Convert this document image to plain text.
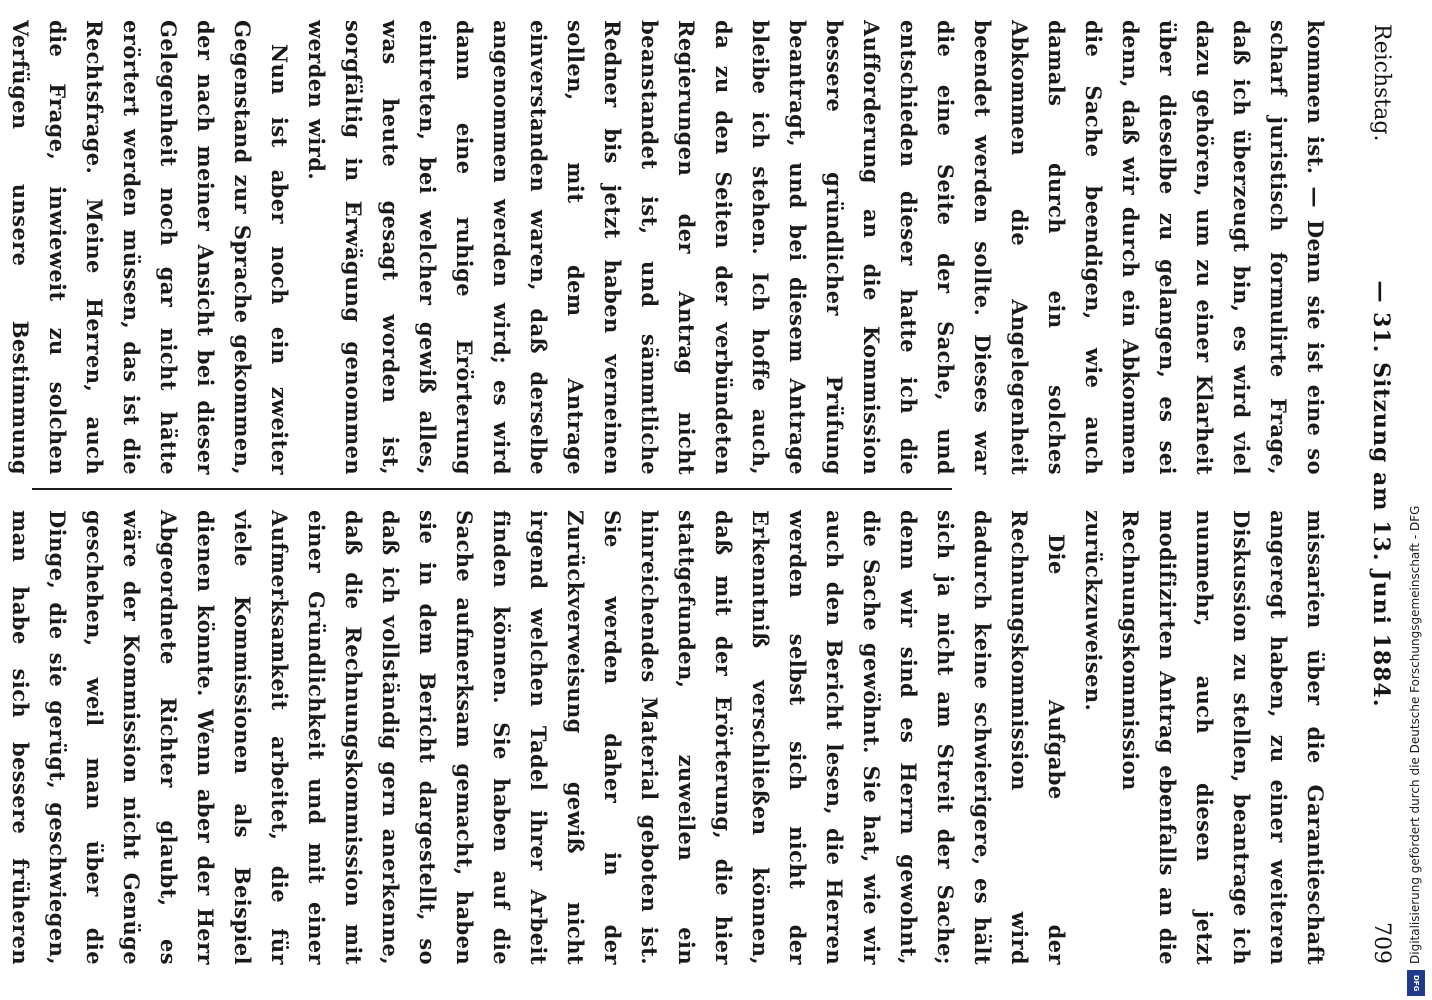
Reichstag.
— 31. Sitzung am 13. Juni 1884.
709

kommen ist. — Denn sie ist eine so scharf juristisch formulirte Frage, daß ich überzeugt bin, es wird viel dazu gehören, um zu einer Klarheit über dieselbe zu gelangen, es sei denn, daß wir durch ein Abkommen die Sache beendigen, wie auch damals durch ein solches Abkommen die Angelegenheit beendet werden sollte. Dieses war die eine Seite der Sache, und entschieden dieser hatte ich die Aufforderung an die Kommission bessere gründlicher Prüfung beantragt, und bei diesem Antrage bleibe ich stehen. Ich hoffe auch, da zu den Seiten der verbündeten Regierungen der Antrag nicht beanstandet ist, und sämmtliche Redner bis jetzt haben verneinen sollen, mit dem Antrage einverstanden waren, daß derselbe angenommen werden wird; es wird dann eine ruhige Erörterung eintreten, bei welcher gewiß alles, was heute gesagt worden ist, sorgfältig in Erwägung genommen werden wird.

Nun ist aber noch ein zweiter Gegenstand zur Sprache gekommen, der nach meiner Ansicht bei dieser Gelegenheit noch gar nicht hätte erörtert werden müssen, das ist die Rechtsfrage. Meine Herren, auch die Frage, inwieweit zu solchen Verfügen unsere Bestimmung

missarien über die Garantieschaft angeregt haben, zu einer weiteren Diskussion zu stellen, beantrage ich nunmehr, auch diesen jetzt modifizirten Antrag ebenfalls an die Rechnungskommission zurückzuweisen.

Die Aufgabe der Rechnungskommission wird dadurch keine schwierigere, es hält sich ja nicht am Streit der Sache; denn wir sind es Herrn gewohnt, die Sache gewöhnt. Sie hat, wie wir auch den Bericht lesen, die Herren werden selbst sich nicht der Erkenntniß verschließen können, daß mit der Erörterung, die hier stattgefunden, zuweilen ein hinreichendes Material geboten ist. Sie werden daher in der Zurückverweisung gewiß nicht irgend welchen Tadel ihrer Arbeit finden können. Sie haben auf die Sache aufmerksam gemacht, haben sie in dem Bericht dargestellt, so daß ich vollständig gern anerkenne, daß die Rechnungskommission mit einer Gründlichkeit und mit einer Aufmerksamkeit arbeitet, die für viele Kommissionen als Beispiel dienen könnte. Wenn aber der Herr Abgeordnete Richter glaubt, es wäre der Kommission nicht Genüge geschehen, weil man über die Dinge, die sie gerügt, geschwiegen, man habe sich bessere früheren	Digitalisierung gefördert durch die Deutsche Forschungsgemeinschaft - DFG
DFG
